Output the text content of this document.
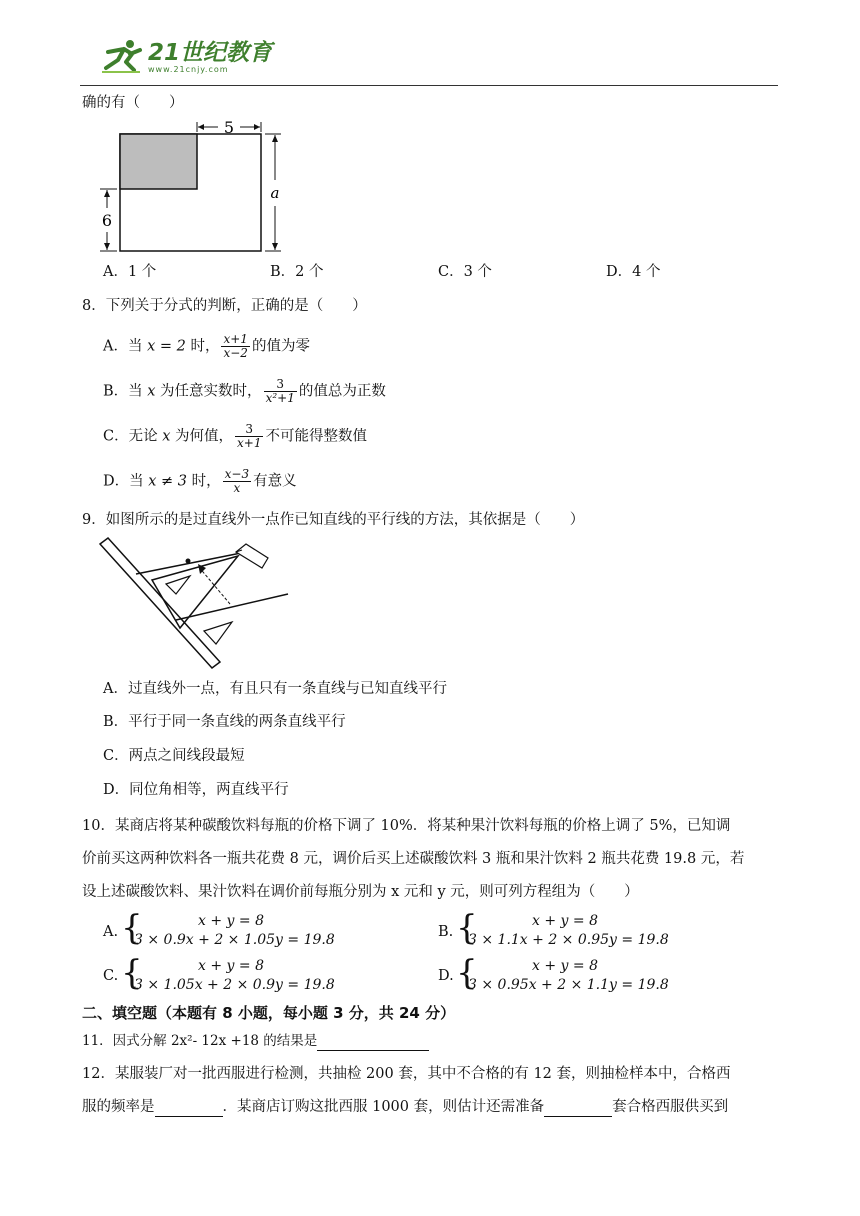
21世纪教育
www.21cnjy.com
确的有（　　）
5
a
6
A．1 个	B．2 个	C．3 个	D．4 个
8．下列关于分式的判断，正确的是（　　）
A．当 x = 2 时， $\frac{x+1}{x-2}$ 的值为零
B．当 x 为任意实数时， $\frac{3}{\text{x²+1}}$ 的值总为正数
C．无论 x 为何值， $\frac{3}{x+1}$ 不可能得整数值
D．当 x ≠ 3 时， $\frac{x-3}{x}$ 有意义
9．如图所示的是过直线外一点作已知直线的平行线的方法，其依据是（　　）
A．过直线外一点，有且只有一条直线与已知直线平行
B．平行于同一条直线的两条直线平行
C．两点之间线段最短
D．同位角相等，两直线平行
10．某商店将某种碳酸饮料每瓶的价格下调了 10%．将某种果汁饮料每瓶的价格上调了 5%，已知调
价前买这两种饮料各一瓶共花费 8 元，调价后买上述碳酸饮料 3 瓶和果汁饮料 2 瓶共花费 19.8 元，若
设上述碳酸饮料、果汁饮料在调价前每瓶分别为 x 元和 y 元，则可列方程组为（　　）
A. {	x + y = 8
3 × 0.9x + 2 × 1.05y = 19.8	B. {	x + y = 8
3 × 1.1x + 2 × 0.95y = 19.8
C. {	x + y = 8
3 × 1.05x + 2 × 0.9y = 19.8
D. {	x + y = 8
3 × 0.95x + 2 × 1.1y = 19.8
二、填空题（本题有 8 小题，每小题 3 分，共 24 分）
11．因式分解 2x²- 12x +18 的结果是
12．某服装厂对一批西服进行检测，共抽检 200 套，其中不合格的有 12 套，则抽检样本中，合格西
服的频率是	．某商店订购这批西服 1000 套，则估计还需准备	套合格西服供买到
